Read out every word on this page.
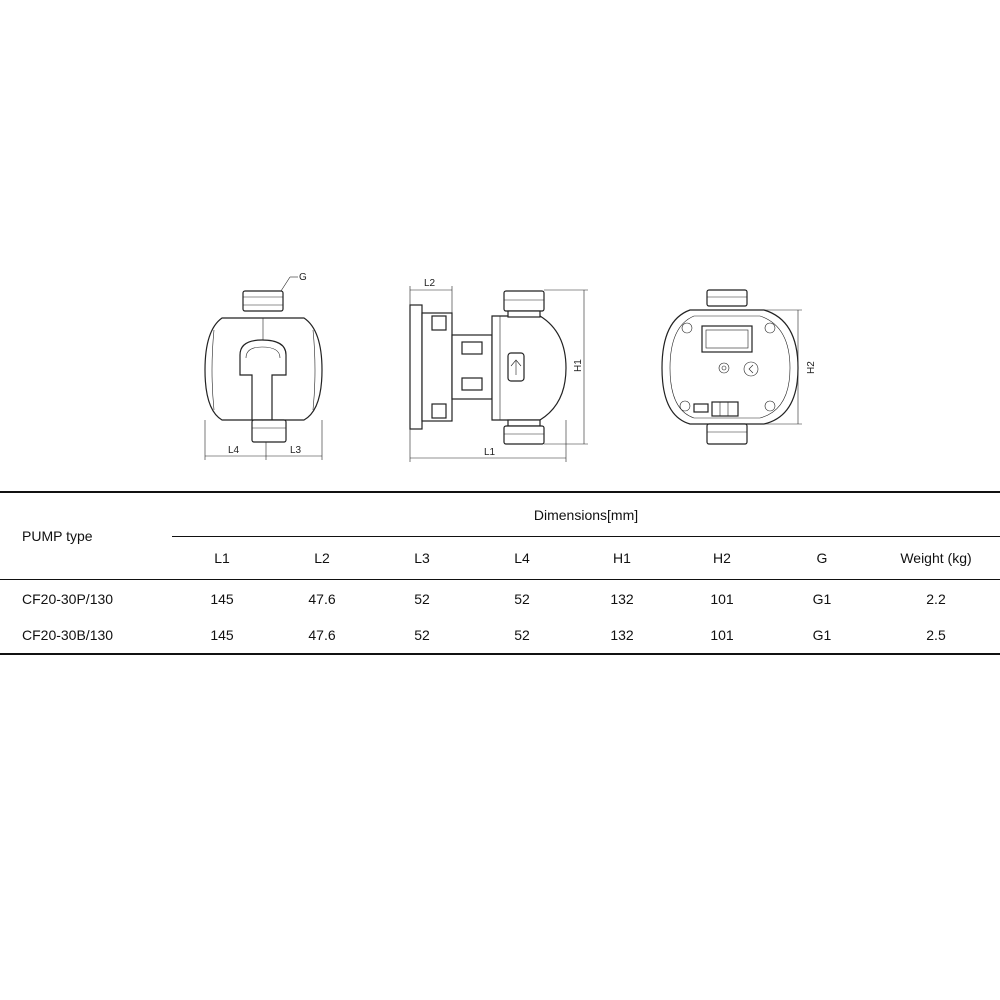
G
L4	L3
L2
H1
L1
H2
PUMP type	Dimensions[mm]							
	L1	L2	L3	L4	H1	H2	G	Weight (kg)
CF20-30P/130	145	47.6	52	52	132	101	G1	2.2
CF20-30B/130	145	47.6	52	52	132	101	G1	2.5
